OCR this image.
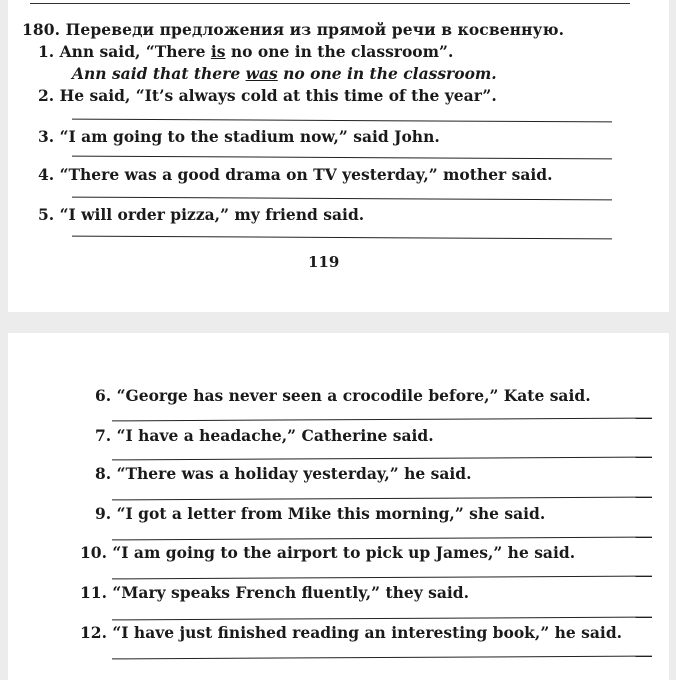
180. Переведи предложения из прямой речи в косвенную.
1. Ann said, “There is no one in the classroom”.
Ann said that there was no one in the classroom.
2. He said, “It’s always cold at this time of the year”.
3. “I am going to the stadium now,” said John.
4. “There was a good drama on TV yesterday,” mother said.
5. “I will order pizza,” my friend said.
119
6. “George has never seen a crocodile before,” Kate said.
7. “I have a headache,” Catherine said.
8. “There was a holiday yesterday,” he said.
9. “I got a letter from Mike this morning,” she said.
10. “I am going to the airport to pick up James,” he said.
11. “Mary speaks French fluently,” they said.
12. “I have just finished reading an interesting book,” he said.
